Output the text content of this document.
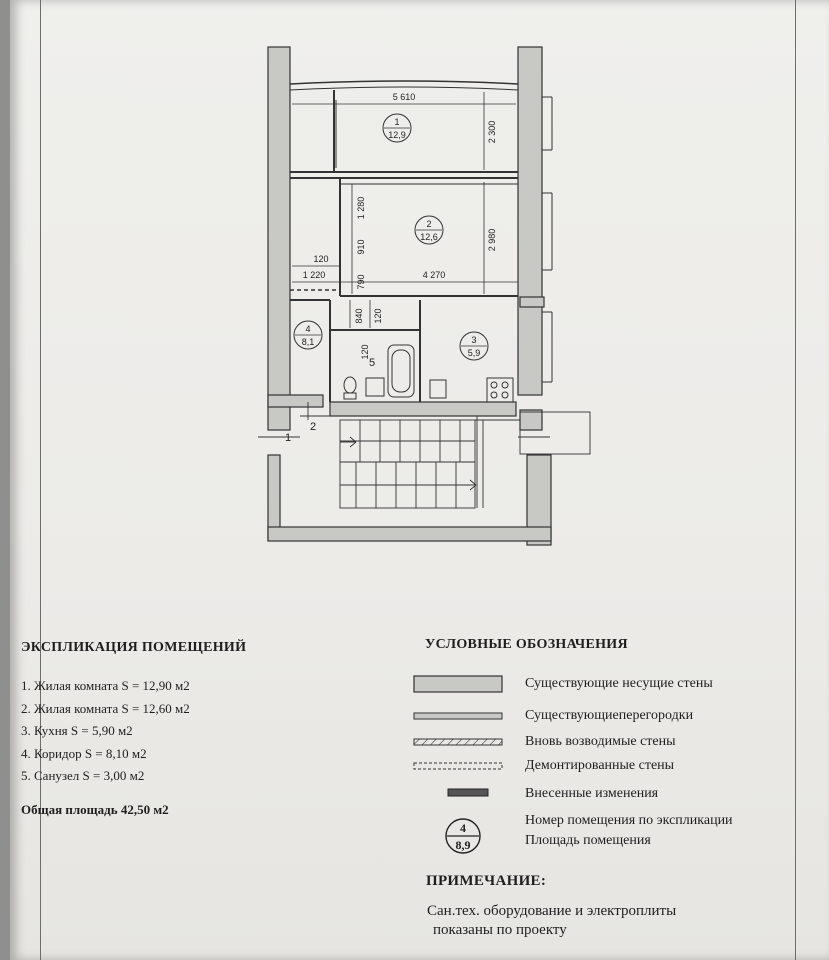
5 610
2 300
2 980
1 280
910
120
1 220	790	4 270
840 120
120
1
12,9
2
12,6
3
5,9
4
8,1
5
1
2
ЭКСПЛИКАЦИЯ ПОМЕЩЕНИЙ
1. Жилая комната S = 12,90 м2
2. Жилая комната S = 12,60 м2
3. Кухня S = 5,90 м2
4. Коридор S = 8,10 м2
5. Санузел S = 3,00 м2
Общая площадь 42,50 м2
УСЛОВНЫЕ ОБОЗНАЧЕНИЯ
Существующие несущие стены
Существующиеперегородки
Вновь возводимые стены
Демонтированные стены
Внесенные изменения
4
8,9
Номер помещения по экспликации
Площадь помещения
ПРИМЕЧАНИЕ:
Сан.тех. оборудование и электроплиты
показаны по проекту
